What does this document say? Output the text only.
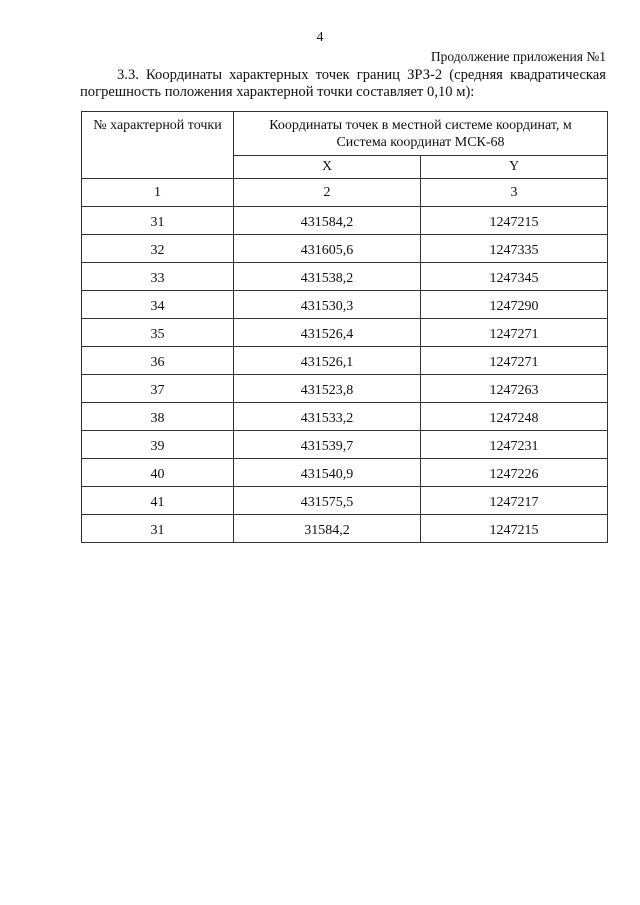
4
Продолжение приложения №1
3.3. Координаты характерных точек границ ЗРЗ-2 (средняя квадратическая погрешность положения характерной точки составляет 0,10 м):
№ характерной точки	Координаты точек в местной системе координат, м
Система координат МСК-68	

	X	Y
1	2	3
31	431584,2	1247215
32	431605,6	1247335
33	431538,2	1247345
34	431530,3	1247290
35	431526,4	1247271
36	431526,1	1247271
37	431523,8	1247263
38	431533,2	1247248
39	431539,7	1247231
40	431540,9	1247226
41	431575,5	1247217
31	31584,2	1247215
